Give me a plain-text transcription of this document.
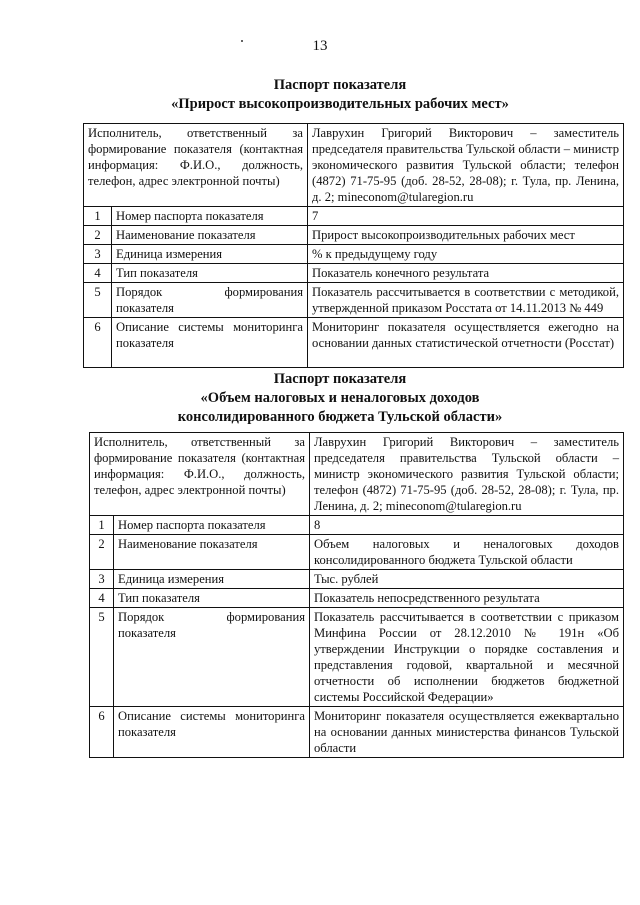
13
Паспорт показателя
«Прирост высокопроизводительных рабочих мест»
Исполнитель, ответственный за формирование показателя (контактная информация: Ф.И.О., должность, телефон, адрес электронной почты)		Лаврухин Григорий Викторович – заместитель председателя правительства Тульской области – министр экономического развития Тульской области; телефон (4872) 71-75-95 (доб. 28-52, 28-08); г. Тула, пр. Ленина, д. 2; mineconom@tularegion.ru
1	Номер паспорта показателя	7
2	Наименование показателя	Прирост высокопроизводительных рабочих мест
3	Единица измерения	% к предыдущему году
4	Тип показателя	Показатель конечного результата
5	Порядок формирования показателя	Показатель рассчитывается в соответствии с методикой, утвержденной приказом Росстата от 14.11.2013 № 449
6	Описание системы мониторинга показателя	Мониторинг показателя осуществляется ежегодно на основании данных статистической отчетности (Росстат)
Паспорт показателя
«Объем налоговых и неналоговых доходов
консолидированного бюджета Тульской области»
Исполнитель, ответственный за формирование показателя (контактная информация: Ф.И.О., должность, телефон, адрес электронной почты)		Лаврухин Григорий Викторович – заместитель председателя правительства Тульской области – министр экономического развития Тульской области; телефон (4872) 71-75-95 (доб. 28-52, 28-08); г. Тула, пр. Ленина, д. 2; mineconom@tularegion.ru
1	Номер паспорта показателя	8
2	Наименование показателя	Объем налоговых и неналоговых доходов консолидированного бюджета Тульской области
3	Единица измерения	Тыс. рублей
4	Тип показателя	Показатель непосредственного результата
5	Порядок формирования показателя	Показатель рассчитывается в соответствии с приказом Минфина России от 28.12.2010 № 191н «Об утверждении Инструкции о порядке составления и представления годовой, квартальной и месячной отчетности об исполнении бюджетов бюджетной системы Российской Федерации»
6	Описание системы мониторинга показателя	Мониторинг показателя осуществляется ежеквартально на основании данных министерства финансов Тульской области
